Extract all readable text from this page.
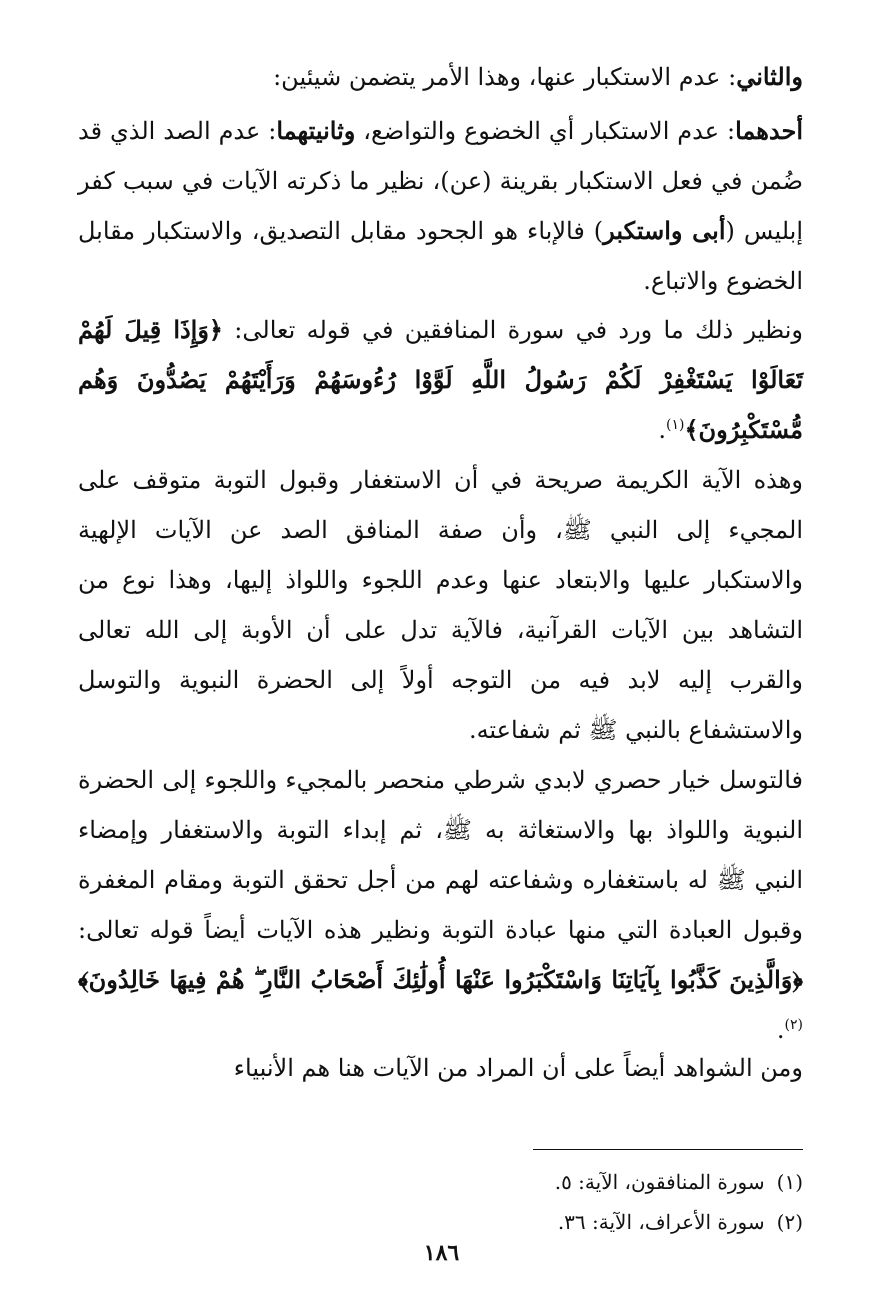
والثاني: عدم الاستكبار عنها، وهذا الأمر يتضمن شيئين:

أحدهما: عدم الاستكبار أي الخضوع والتواضع، وثانيتهما: عدم الصد الذي قد ضُمن في فعل الاستكبار بقرينة (عن)، نظير ما ذكرته الآيات في سبب كفر إبليس (أبى واستكبر) فالإباء هو الجحود مقابل التصديق، والاستكبار مقابل الخضوع والاتباع.

ونظير ذلك ما ورد في سورة المنافقين في قوله تعالى: ﴿وَإِذَا قِيلَ لَهُمْ تَعَالَوْا يَسْتَغْفِرْ لَكُمْ رَسُولُ اللَّهِ لَوَّوْا رُءُوسَهُمْ وَرَأَيْتَهُمْ يَصُدُّونَ وَهُم مُّسْتَكْبِرُونَ﴾$^{(١)}$.

وهذه الآية الكريمة صريحة في أن الاستغفار وقبول التوبة متوقف على المجيء إلى النبي ﷺ، وأن صفة المنافق الصد عن الآيات الإلهية والاستكبار عليها والابتعاد عنها وعدم اللجوء واللواذ إليها، وهذا نوع من التشاهد بين الآيات القرآنية، فالآية تدل على أن الأوبة إلى الله تعالى والقرب إليه لابد فيه من التوجه أولاً إلى الحضرة النبوية والتوسل والاستشفاع بالنبي ﷺ ثم شفاعته.

فالتوسل خيار حصري لابدي شرطي منحصر بالمجيء واللجوء إلى الحضرة النبوية واللواذ بها والاستغاثة به ﷺ، ثم إبداء التوبة والاستغفار وإمضاء النبي ﷺ له باستغفاره وشفاعته لهم من أجل تحقق التوبة ومقام المغفرة وقبول العبادة التي منها عبادة التوبة ونظير هذه الآيات أيضاً قوله تعالى: ﴿وَالَّذِينَ كَذَّبُوا بِآيَاتِنَا وَاسْتَكْبَرُوا عَنْهَا أُولَٰئِكَ أَصْحَابُ النَّارِ ۖ هُمْ فِيهَا خَالِدُونَ﴾$^{(٢)}$.

ومن الشواهد أيضاً على أن المراد من الآيات هنا هم الأنبياء

(١)سورة المنافقون، الآية: ٥.
(٢)سورة الأعراف، الآية: ٣٦.
١٨٦
